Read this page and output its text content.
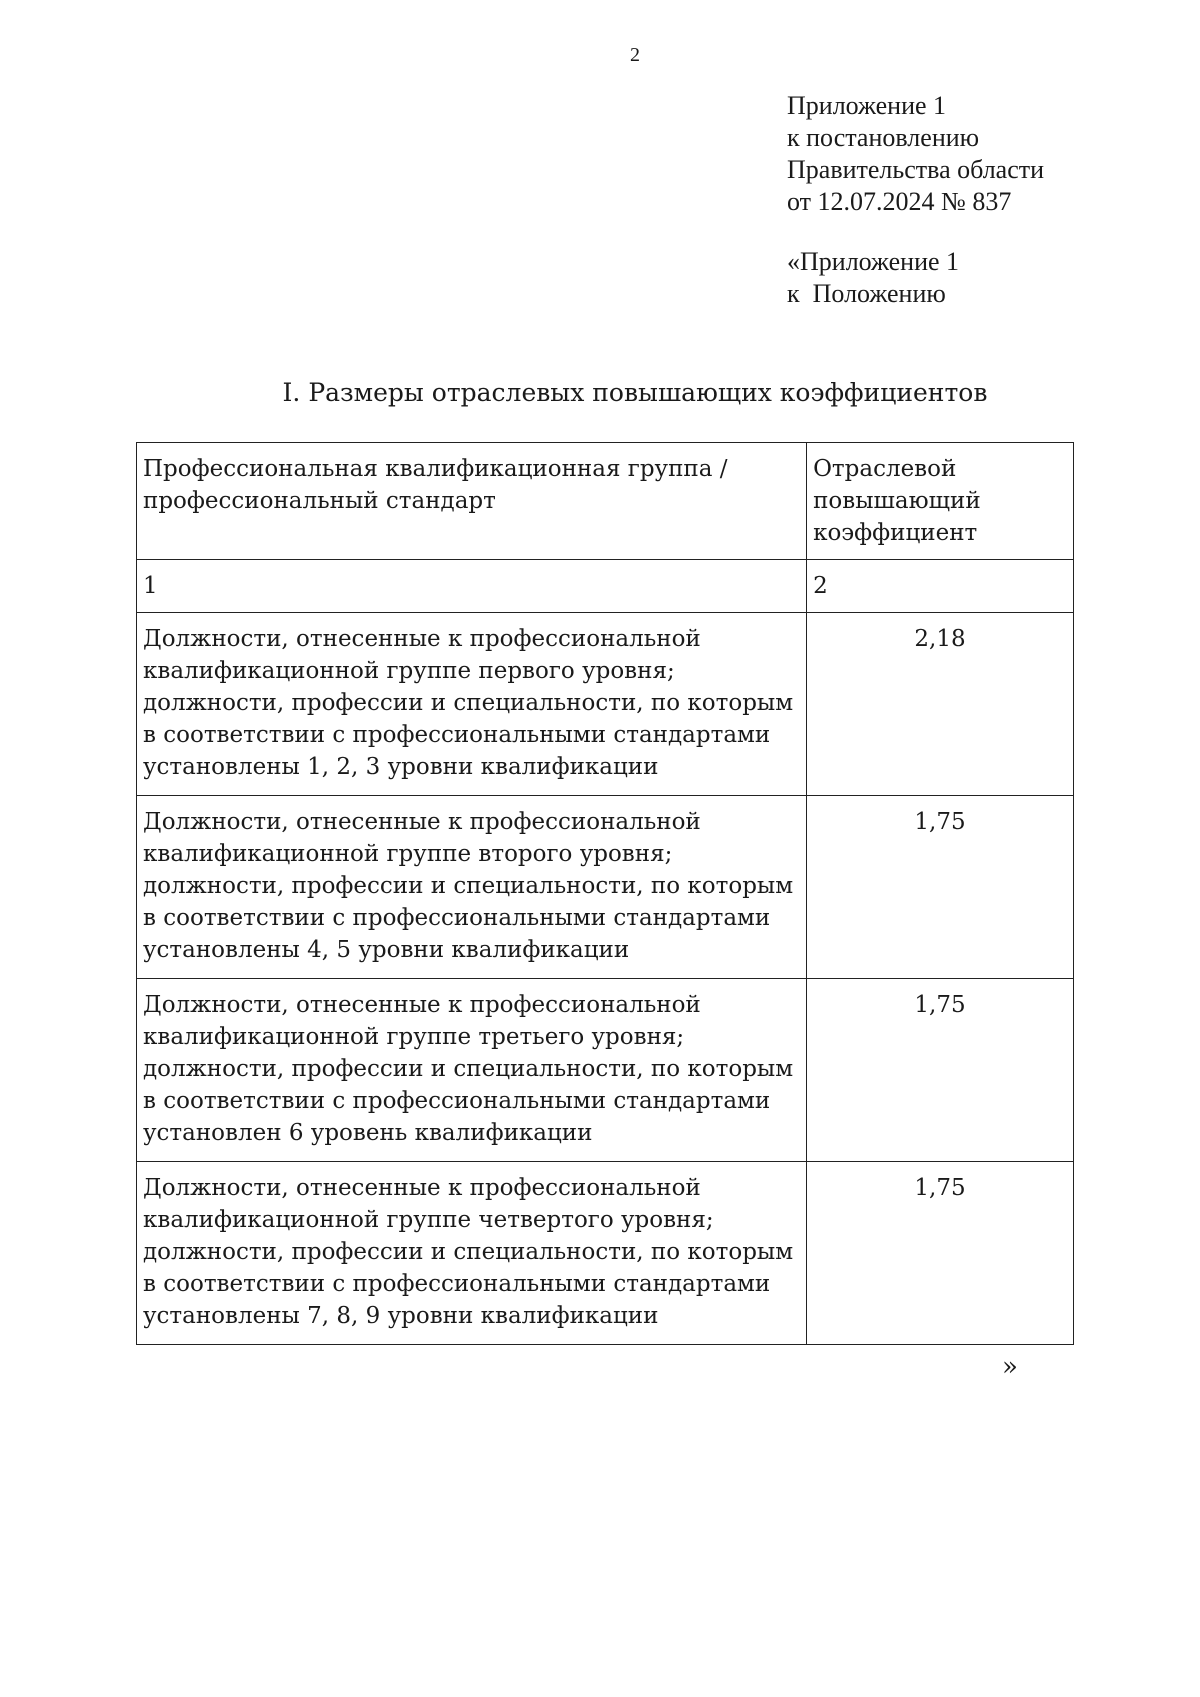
2
Приложение 1
к постановлению
Правительства области
от 12.07.2024 № 837
«Приложение 1
к  Положению
I. Размеры отраслевых повышающих коэффициентов
Профессиональная квалификационная группа / профессиональный стандарт	Отраслевой повышающий коэффициент
1	2
Должности, отнесенные к профессиональной квалификационной группе первого уровня; должности, профессии и специальности, по которым в соответствии с профессиональными стандартами установлены 1, 2, 3 уровни квалификации	2,18
Должности, отнесенные к профессиональной квалификационной группе второго уровня; должности, профессии и специальности, по которым в соответствии с профессиональными стандартами установлены 4, 5 уровни квалификации	1,75
Должности, отнесенные к профессиональной квалификационной группе третьего уровня; должности, профессии и специальности, по которым в соответствии с профессиональными стандартами установлен 6 уровень квалификации	1,75
Должности, отнесенные к профессиональной квалификационной группе четвертого уровня; должности, профессии и специальности, по которым в соответствии с профессиональными стандартами установлены 7, 8, 9 уровни квалификации	1,75
»
